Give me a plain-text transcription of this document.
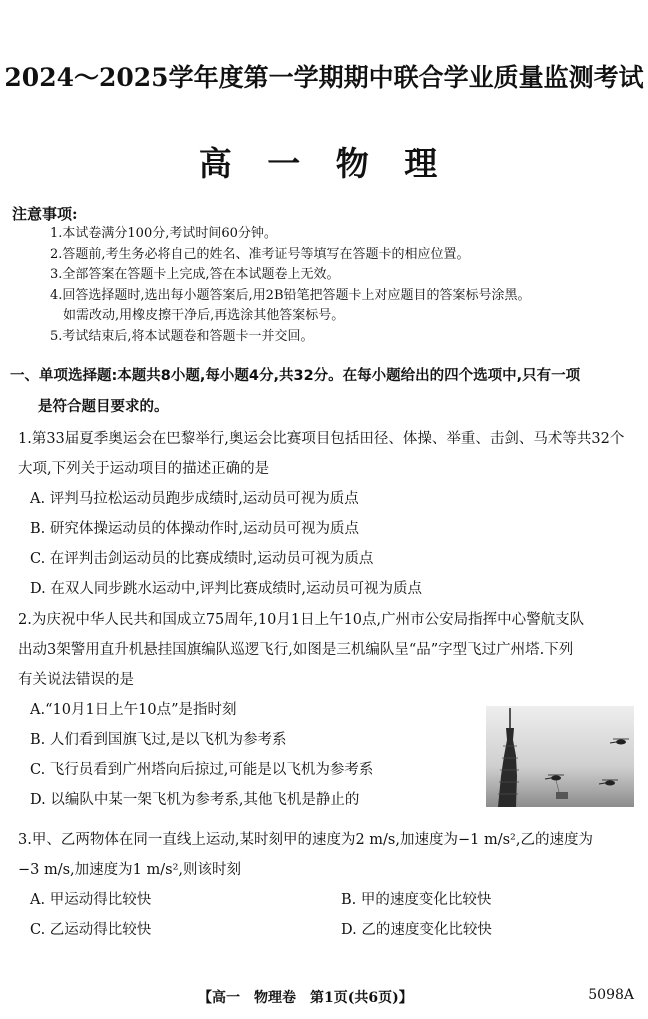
2024～2025学年度第一学期期中联合学业质量监测考试
高 一 物 理
注意事项:
1.本试卷满分100分,考试时间60分钟。
2.答题前,考生务必将自己的姓名、准考证号等填写在答题卡的相应位置。
3.全部答案在答题卡上完成,答在本试题卷上无效。
4.回答选择题时,选出每小题答案后,用2B铅笔把答题卡上对应题目的答案标号涂黑。
　如需改动,用橡皮擦干净后,再选涂其他答案标号。
5.考试结束后,将本试题卷和答题卡一并交回。
一、单项选择题:本题共8小题,每小题4分,共32分。在每小题给出的四个选项中,只有一项
是符合题目要求的。
1.第33届夏季奥运会在巴黎举行,奥运会比赛项目包括田径、体操、举重、击剑、马术等共32个
大项,下列关于运动项目的描述正确的是
A. 评判马拉松运动员跑步成绩时,运动员可视为质点
B. 研究体操运动员的体操动作时,运动员可视为质点
C. 在评判击剑运动员的比赛成绩时,运动员可视为质点
D. 在双人同步跳水运动中,评判比赛成绩时,运动员可视为质点
2.为庆祝中华人民共和国成立75周年,10月1日上午10点,广州市公安局指挥中心警航支队
出动3架警用直升机悬挂国旗编队巡逻飞行,如图是三机编队呈“品”字型飞过广州塔.下列
有关说法错误的是
A.“10月1日上午10点”是指时刻
B. 人们看到国旗飞过,是以飞机为参考系
C. 飞行员看到广州塔向后掠过,可能是以飞机为参考系
D. 以编队中某一架飞机为参考系,其他飞机是静止的
3.甲、乙两物体在同一直线上运动,某时刻甲的速度为2 m/s,加速度为−1 m/s²,乙的速度为
−3 m/s,加速度为1 m/s²,则该时刻
A. 甲运动得比较快	B. 甲的速度变化比较快
C. 乙运动得比较快	D. 乙的速度变化比较快
【高一　物理卷　第1页(共6页)】	5098A
